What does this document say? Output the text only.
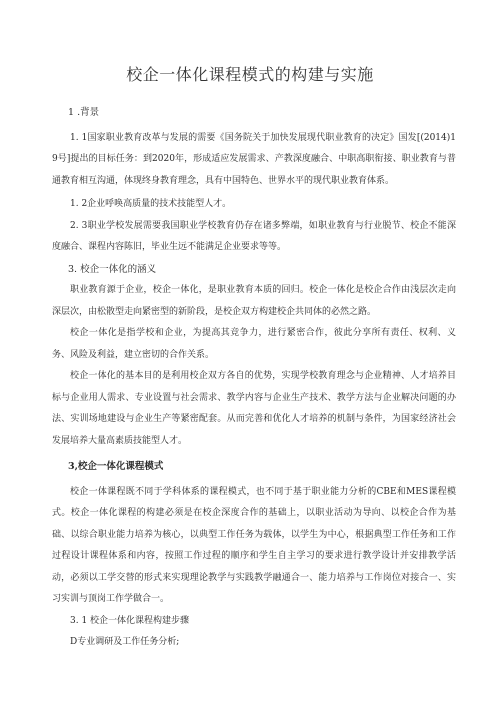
校企一体化课程模式的构建与实施

1 .背景

1. 1国家职业教育改革与发展的需要《国务院关于加快发展现代职业教育的决定》国发[(2014)19号]提出的目标任务：到2020年，形成适应发展需求、产教深度融合、中职高职衔接、职业教育与普通教育相互沟通，体现终身教育理念，具有中国特色、世界水平的现代职业教育体系。

1. 2企业呼唤高质量的技术技能型人才。

2. 3职业学校发展需要我国职业学校教育仍存在诸多弊端，如职业教育与行业脱节、校企不能深度融合、课程内容陈旧，毕业生远不能满足企业要求等等。

3. 校企一体化的涵义

职业教育源于企业，校企一体化，是职业教育本质的回归。校企一体化是校企合作由浅层次走向深层次，由松散型走向紧密型的新阶段，是校企双方构建校企共同体的必然之路。

校企一体化是指学校和企业，为提高其竞争力，进行紧密合作，彼此分享所有责任、权利、义务、风险及利益，建立密切的合作关系。

校企一体化的基本目的是利用校企双方各自的优势，实现学校教育理念与企业精神、人才培养目标与企业用人需求、专业设置与社会需求、教学内容与企业生产技术、教学方法与企业解决问题的办法、实训场地建设与企业生产等紧密配套。从而完善和优化人才培养的机制与条件，为国家经济社会发展培养大量高素质技能型人才。

3,校企一体化课程模式

校企一体课程既不同于学科体系的课程模式，也不同于基于职业能力分析的CBE和MES课程模式。校企一体化课程的构建必须是在校企深度合作的基础上，以职业活动为导向、以校企合作为基础、以综合职业能力培养为核心，以典型工作任务为载体，以学生为中心，根据典型工作任务和工作过程设计课程体系和内容，按照工作过程的顺序和学生自主学习的要求进行教学设计并安排教学活动，必须以工学交替的形式来实现理论教学与实践教学融通合一、能力培养与工作岗位对接合一、实习实训与顶岗工作学做合一。

3. 1 校企一体化课程构建步骤

D专业调研及工作任务分析;
